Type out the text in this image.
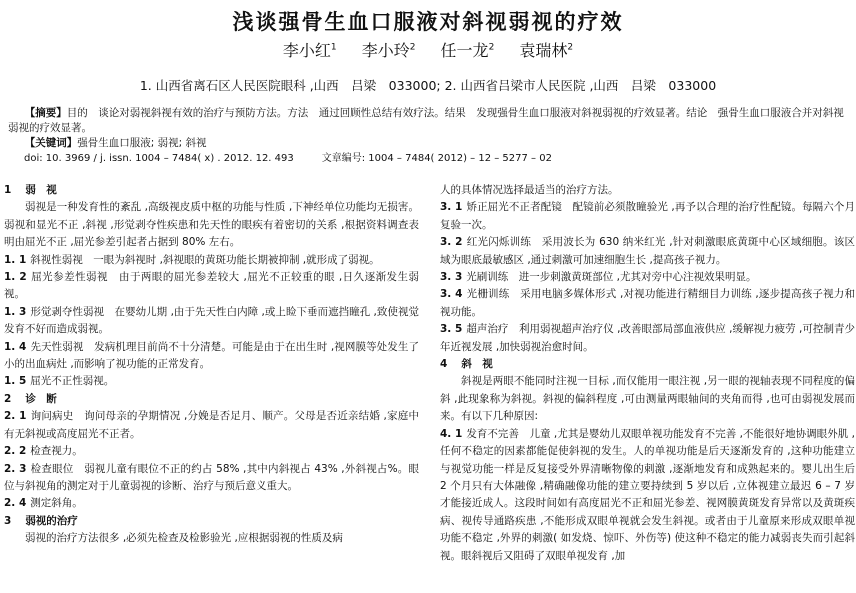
浅谈强骨生血口服液对斜视弱视的疗效
李小红$^1$ 李小玲$^2$ 任一龙$^2$ 袁瑞林$^2$
1. 山西省离石区人民医院眼科 ,山西　吕梁　033000; 2. 山西省吕梁市人民医院 ,山西　吕梁　033000

【摘要】目的　谈论对弱视斜视有效的治疗与预防方法。方法　通过回顾性总结有效疗法。结果　发现强骨生血口服液对斜视弱视的疗效显著。结论　强骨生血口服液合并对斜视弱视的疗效显著。

【关键词】强骨生血口服液; 弱视; 斜视

doi: 10. 3969 / j. issn. 1004 – 7484( x) . 2012. 12. 493	文章编号: 1004 – 7484( 2012) – 12 – 5277 – 02

1 弱　视

弱视是一种发育性的紊乱 ,高级视皮质中枢的功能与性质 ,下神经单位功能均无损害。弱视和显光不正 ,斜视 ,形觉剥夺性疾患和先天性的眼疾有着密切的关系 ,根据资料调查表明由屈光不正 ,屈光参差引起者占据到 80% 左右。

1. 1 斜视性弱视　一眼为斜视时 ,斜视眼的黄斑功能长期被抑制 ,就形成了弱视。

1. 2 屈光参差性弱视　由于两眼的屈光参差较大 ,屈光不正较重的眼 ,日久逐渐发生弱视。

1. 3 形觉剥夺性弱视　在婴幼儿期 ,由于先天性白内障 ,或上睑下垂而遮挡瞳孔 ,致使视觉发育不好而造成弱视。

1. 4 先天性弱视　发病机理目前尚不十分清楚。可能是由于在出生时 ,视网膜等处发生了小的出血病灶 ,而影响了视功能的正常发育。

1. 5 屈光不正性弱视。

2 诊　断

2. 1 询问病史　询问母亲的孕期情况 ,分娩是否足月、顺产。父母是否近亲结婚 ,家庭中有无斜视或高度屈光不正者。

2. 2 检查视力。

2. 3 检查眼位　弱视儿童有眼位不正的约占 58% ,其中内斜视占 43% ,外斜视占%。眼位与斜视角的测定对于儿童弱视的诊断、治疗与预后意义重大。

2. 4 测定斜角。

3 弱视的治疗

弱视的治疗方法很多 ,必须先检查及检影验光 ,应根据弱视的性质及病

人的具体情况选择最适当的治疗方法。

3. 1 矫正屈光不正者配镜　配镜前必须散瞳验光 ,再予以合理的治疗性配镜。每隔六个月复验一次。

3. 2 红光闪烁训练　采用波长为 630 纳米红光 ,针对刺激眼底黄斑中心区域细胞。该区域为眼底最敏感区 ,通过刺激可加速细胞生长 ,提高孩子视力。

3. 3 光刷训练　进一步刺激黄斑部位 ,尤其对旁中心注视效果明显。

3. 4 光栅训练　采用电脑多媒体形式 ,对视功能进行精细目力训练 ,逐步提高孩子视力和视功能。

3. 5 超声治疗　利用弱视超声治疗仪 ,改善眼部局部血液供应 ,缓解视力疲劳 ,可控制青少年近视发展 ,加快弱视治愈时间。

4 斜　视

斜视是两眼不能同时注视一目标 ,而仅能用一眼注视 ,另一眼的视轴表现不同程度的偏斜 ,此现象称为斜视。斜视的偏斜程度 ,可由测量两眼轴间的夹角而得 ,也可由弱视发展而来。有以下几种原因:

4. 1 发育不完善　儿童 ,尤其是婴幼儿双眼单视功能发育不完善 ,不能很好地协调眼外肌 ,任何不稳定的因素都能促使斜视的发生。人的单视功能是后天逐渐发育的 ,这种功能建立与视觉功能一样是反复接受外界清晰物像的刺激 ,逐渐地发育和成熟起来的。婴儿出生后 2 个月只有大体融像 ,精确融像功能的建立要持续到 5 岁以后 ,立体视建立最迟 6 – 7 岁才能接近成人。这段时间如有高度屈光不正和屈光参差、视网膜黄斑发育异常以及黄斑疾病、视传导通路疾患 ,不能形成双眼单视就会发生斜视。或者由于儿童原来形成双眼单视功能不稳定 ,外界的刺激( 如发烧、惊吓、外伤等) 使这种不稳定的能力减弱丧失而引起斜视。眼斜视后又阻碍了双眼单视发育 ,加
